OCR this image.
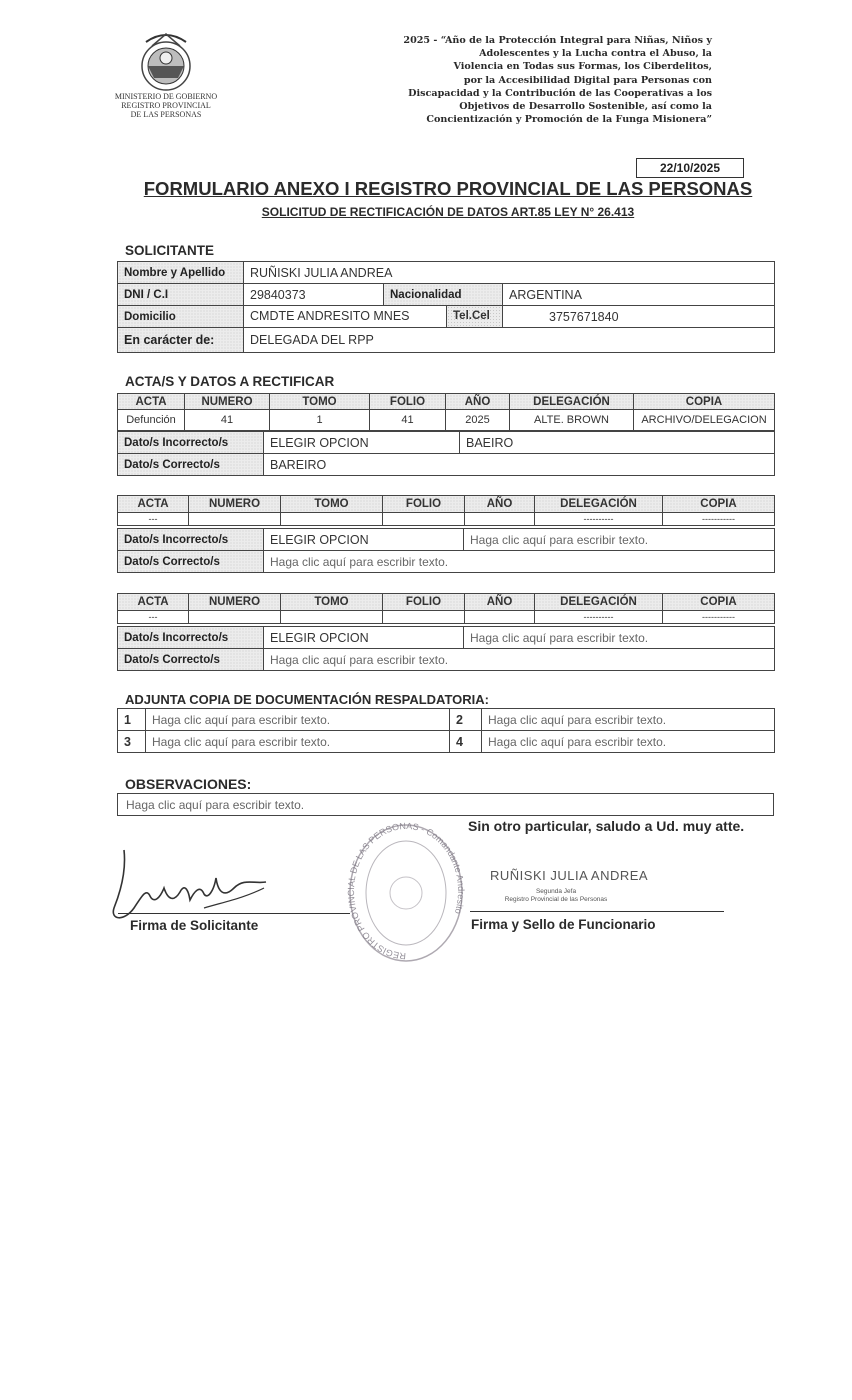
MINISTERIO DE GOBIERNO
REGISTRO PROVINCIAL
DE LAS PERSONAS
2025 - “Año de la Protección Integral para Niñas, Niños y
Adolescentes y la Lucha contra el Abuso, la
Violencia en Todas sus Formas, los Ciberdelitos,
por la Accesibilidad Digital para Personas con
Discapacidad y la Contribución de las Cooperativas a los
Objetivos de Desarrollo Sostenible, así como la
Concientización y Promoción de la Funga Misionera”
22/10/2025
FORMULARIO ANEXO I REGISTRO PROVINCIAL DE LAS PERSONAS
SOLICITUD DE RECTIFICACIÓN DE DATOS ART.85 LEY N° 26.413
SOLICITANTE
Nombre y Apellido	RUÑISKI JULIA ANDREA		
DNI / C.I	29840373	Nacionalidad	ARGENTINA
Domicilio	CMDTE ANDRESITO MNES Tel.Cel		3757671840
En carácter de:	DELEGADA DEL RPP		
ACTA/S Y DATOS A RECTIFICAR
ACTA	NUMERO	TOMO	FOLIO	AÑO	DELEGACIÓN	COPIA
Defunción	41	1	41	2025	ALTE. BROWN	ARCHIVO/DELEGACION
Dato/s Incorrecto/s	ELEGIR OPCION	BAEIRO
Dato/s Correcto/s	BAREIRO	
ACTA	NUMERO	TOMO	FOLIO	AÑO	DELEGACIÓN	COPIA
---					----------	-----------
Dato/s Incorrecto/s	ELEGIR OPCION	Haga clic aquí para escribir texto.
Dato/s Correcto/s	Haga clic aquí para escribir texto.	
ACTA	NUMERO	TOMO	FOLIO	AÑO	DELEGACIÓN	COPIA
---					----------	-----------
Dato/s Incorrecto/s	ELEGIR OPCION	Haga clic aquí para escribir texto.
Dato/s Correcto/s	Haga clic aquí para escribir texto.	
ADJUNTA COPIA DE DOCUMENTACIÓN RESPALDATORIA:
1	Haga clic aquí para escribir texto.	2	Haga clic aquí para escribir texto.
3	Haga clic aquí para escribir texto.	4	Haga clic aquí para escribir texto.
OBSERVACIONES:
Haga clic aquí para escribir texto.
Sin otro particular, saludo a Ud. muy atte.
Firma de Solicitante
REGISTRO PROVINCIAL DE LAS PERSONAS - Comandante Andresito
RUÑISKI JULIA ANDREA
Segunda Jefa
Registro Provincial de las Personas
Firma y Sello de Funcionario
